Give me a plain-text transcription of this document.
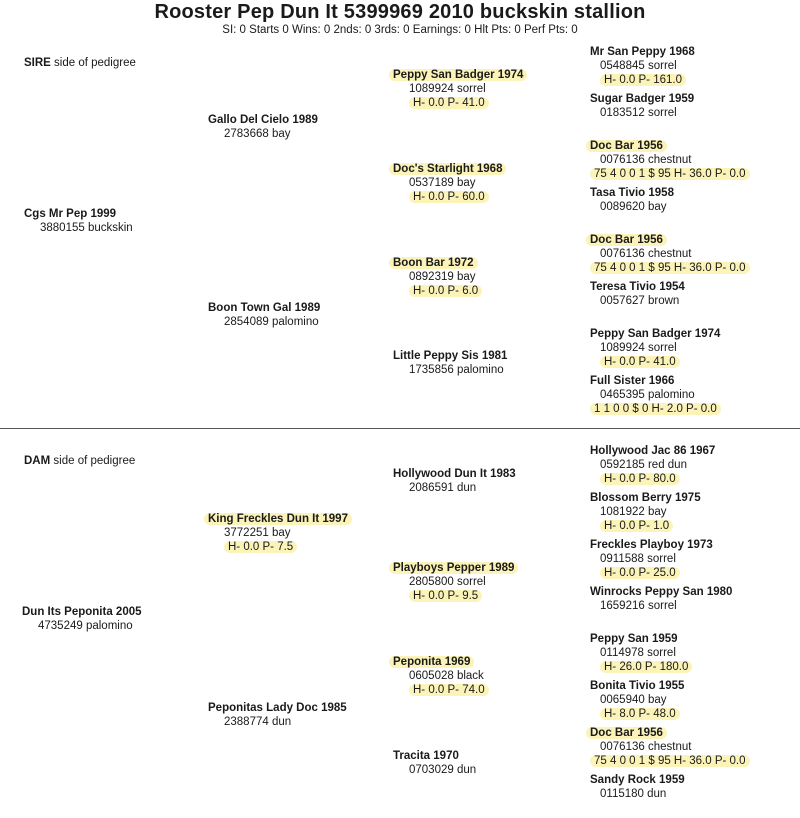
Rooster Pep Dun It 5399969 2010 buckskin stallion
SI: 0 Starts 0 Wins: 0 2nds: 0 3rds: 0 Earnings: 0 Hlt Pts: 0 Perf Pts: 0
SIRE side of pedigree
DAM side of pedigree
Cgs Mr Pep 1999
3880155 buckskin
Dun Its Peponita 2005
4735249 palomino
Gallo Del Cielo 1989
2783668 bay
Boon Town Gal 1989
2854089 palomino
King Freckles Dun It 1997
3772251 bay
H- 0.0 P- 7.5
Peponitas Lady Doc 1985
2388774 dun
Peppy San Badger 1974
1089924 sorrel
H- 0.0 P- 41.0
Doc's Starlight 1968
0537189 bay
H- 0.0 P- 60.0
Boon Bar 1972
0892319 bay
H- 0.0 P- 6.0
Little Peppy Sis 1981
1735856 palomino
Hollywood Dun It 1983
2086591 dun
Playboys Pepper 1989
2805800 sorrel
H- 0.0 P- 9.5
Peponita 1969
0605028 black
H- 0.0 P- 74.0
Tracita 1970
0703029 dun
Mr San Peppy 1968
0548845 sorrel
H- 0.0 P- 161.0
Sugar Badger 1959
0183512 sorrel
Doc Bar 1956
0076136 chestnut
75 4 0 0 1 $ 95 H- 36.0 P- 0.0
Tasa Tivio 1958
0089620 bay
Doc Bar 1956
0076136 chestnut
75 4 0 0 1 $ 95 H- 36.0 P- 0.0
Teresa Tivio 1954
0057627 brown
Peppy San Badger 1974
1089924 sorrel
H- 0.0 P- 41.0
Full Sister 1966
0465395 palomino
1 1 0 0 $ 0 H- 2.0 P- 0.0
Hollywood Jac 86 1967
0592185 red dun
H- 0.0 P- 80.0
Blossom Berry 1975
1081922 bay
H- 0.0 P- 1.0
Freckles Playboy 1973
0911588 sorrel
H- 0.0 P- 25.0
Winrocks Peppy San 1980
1659216 sorrel
Peppy San 1959
0114978 sorrel
H- 26.0 P- 180.0
Bonita Tivio 1955
0065940 bay
H- 8.0 P- 48.0
Doc Bar 1956
0076136 chestnut
75 4 0 0 1 $ 95 H- 36.0 P- 0.0
Sandy Rock 1959
0115180 dun
